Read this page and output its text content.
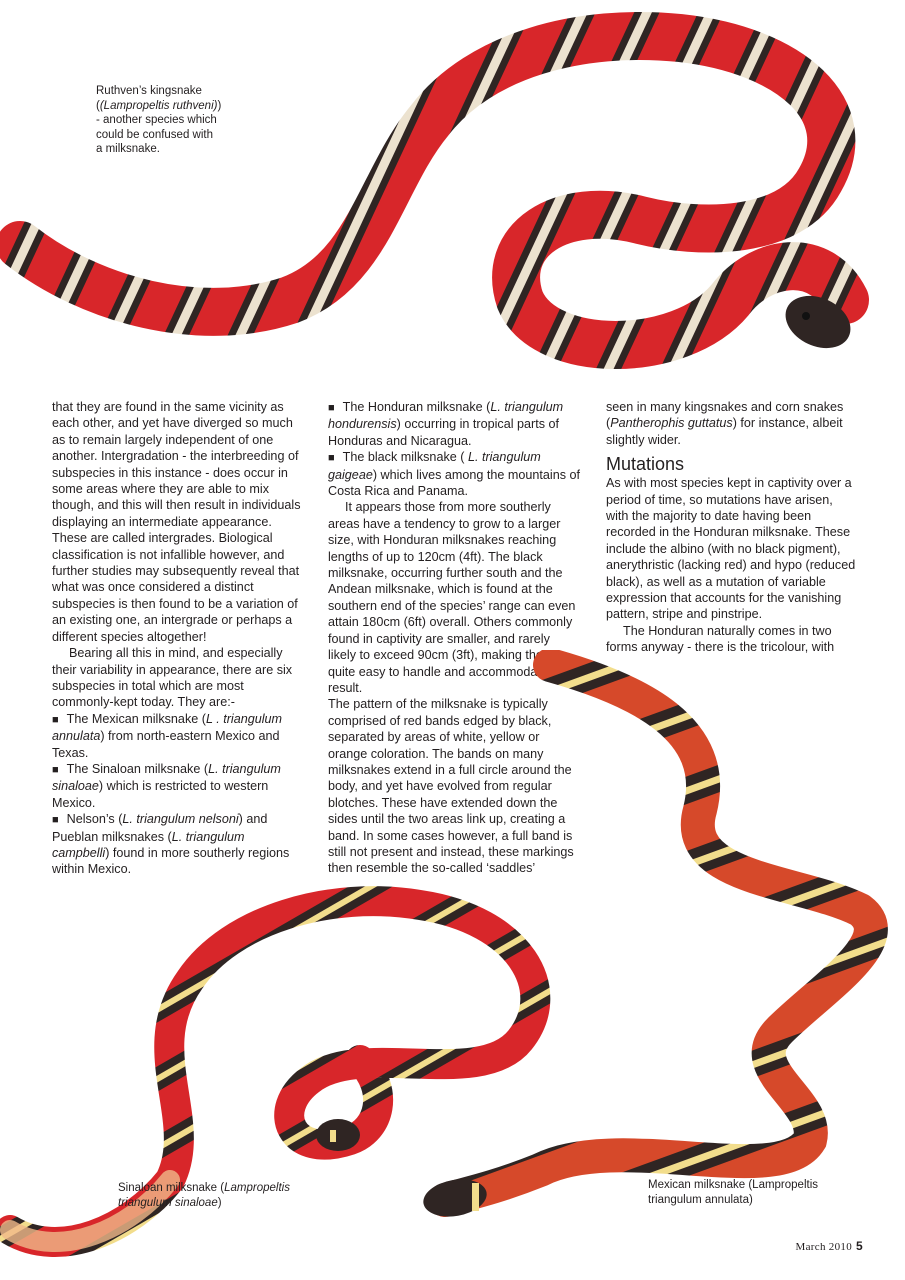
Ruthven’s kingsnake
((Lampropeltis ruthveni))
- another species which
could be confused with
a milksnake.

that they are found in the same vicinity as each other, and yet have diverged so much as to remain largely independent of one another. Intergradation - the interbreeding of subspecies in this instance - does occur in some areas where they are able to mix though, and this will then result in individuals displaying an intermediate appearance. These are called intergrades. Biological classification is not infallible however, and further studies may subsequently reveal that what was once considered a distinct subspecies is then found to be a variation of an existing one, an intergrade or perhaps a different species altogether!

Bearing all this in mind, and especially their variability in appearance, there are six subspecies in total which are most commonly-kept today. They are:-

■ The Mexican milksnake (L . triangulum annulata) from north-eastern Mexico and Texas.

■ The Sinaloan milksnake (L. triangulum sinaloae) which is restricted to western Mexico.

■ Nelson’s (L. triangulum nelsoni) and Pueblan milksnakes (L. triangulum campbelli) found in more southerly regions within Mexico.

■ The Honduran milksnake (L. triangulum hondurensis) occurring in tropical parts of Honduras and Nicaragua.

■ The black milksnake ( L. triangulum gaigeae) which lives among the mountains of Costa Rica and Panama.

It appears those from more southerly areas have a tendency to grow to a larger size, with Honduran milksnakes reaching lengths of up to 120cm (4ft). The black milksnake, occurring further south and the Andean milksnake, which is found at the southern end of the species’ range can even attain 180cm (6ft) overall. Others commonly found in captivity are smaller, and rarely likely to exceed 90cm (3ft), making them quite easy to handle and accommodate as a result.

The pattern of the milksnake is typically comprised of red bands edged by black, separated by areas of white, yellow or orange coloration. The bands on many milksnakes extend in a full circle around the body, and yet have evolved from regular blotches. These have extended down the sides until the two areas link up, creating a band. In some cases however, a full band is still not present and instead, these markings then resemble the so-called ‘saddles’

seen in many kingsnakes and corn snakes (Pantherophis guttatus) for instance, albeit slightly wider.

Mutations

As with most species kept in captivity over a period of time, so mutations have arisen, with the majority to date having been recorded in the Honduran milksnake. These include the albino (with no black pigment), anerythristic (lacking red) and hypo (reduced black), as well as a mutation of variable expression that accounts for the vanishing pattern, stripe and pinstripe.

The Honduran naturally comes in two forms anyway - there is the tricolour, with

Sinaloan milksnake (Lampropeltis
triangulum sinaloae)
Mexican milksnake (Lampropeltis
triangulum annulata)
March 2010 5
